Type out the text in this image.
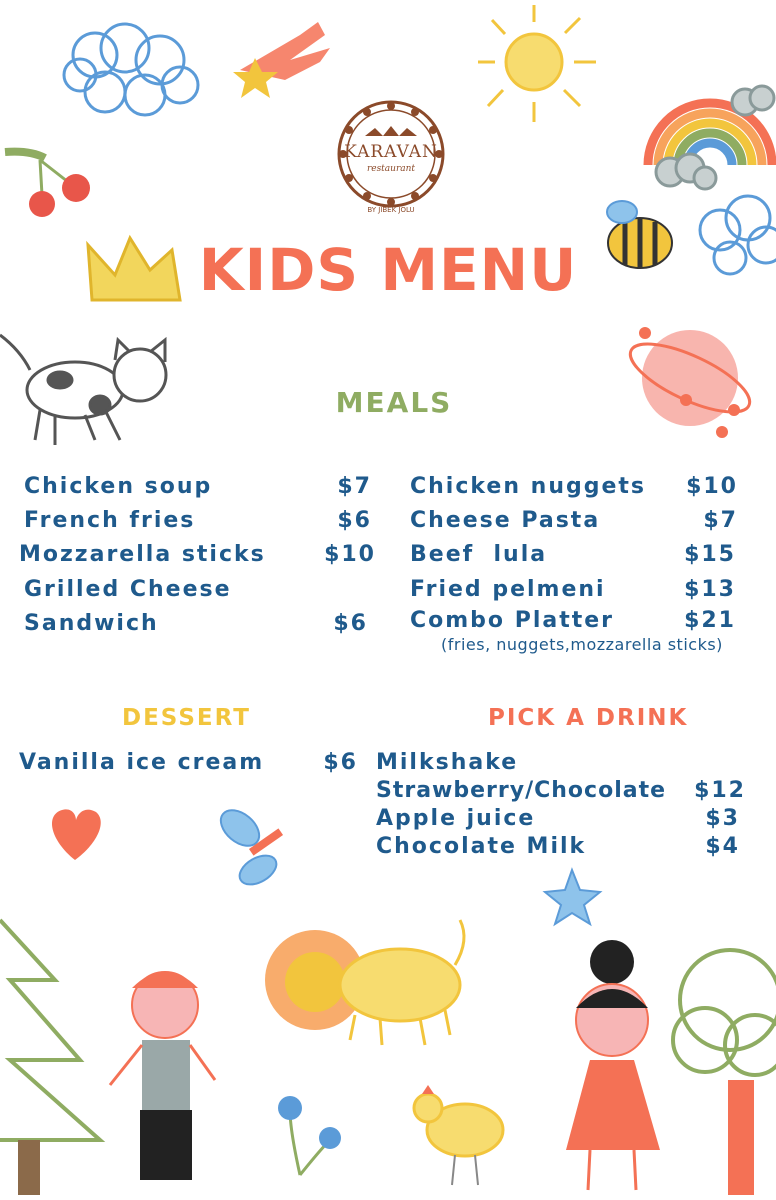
KARAVAN
restaurant
BY JIBEK JOLU
KIDS MENU
MEALS
Chicken soup	$7
French fries	$6
Mozzarella sticks	$10
Grilled Cheese
Sandwich	$6
Chicken nuggets	$10
Cheese Pasta	$7
Beef  lula	$15
Fried pelmeni	$13
Combo Platter	$21
(fries, nuggets,mozzarella sticks)
DESSERT
Vanilla ice cream	$6
PICK A DRINK
Milkshake
Strawberry/Chocolate	$12
Apple juice	$3
Chocolate Milk	$4
